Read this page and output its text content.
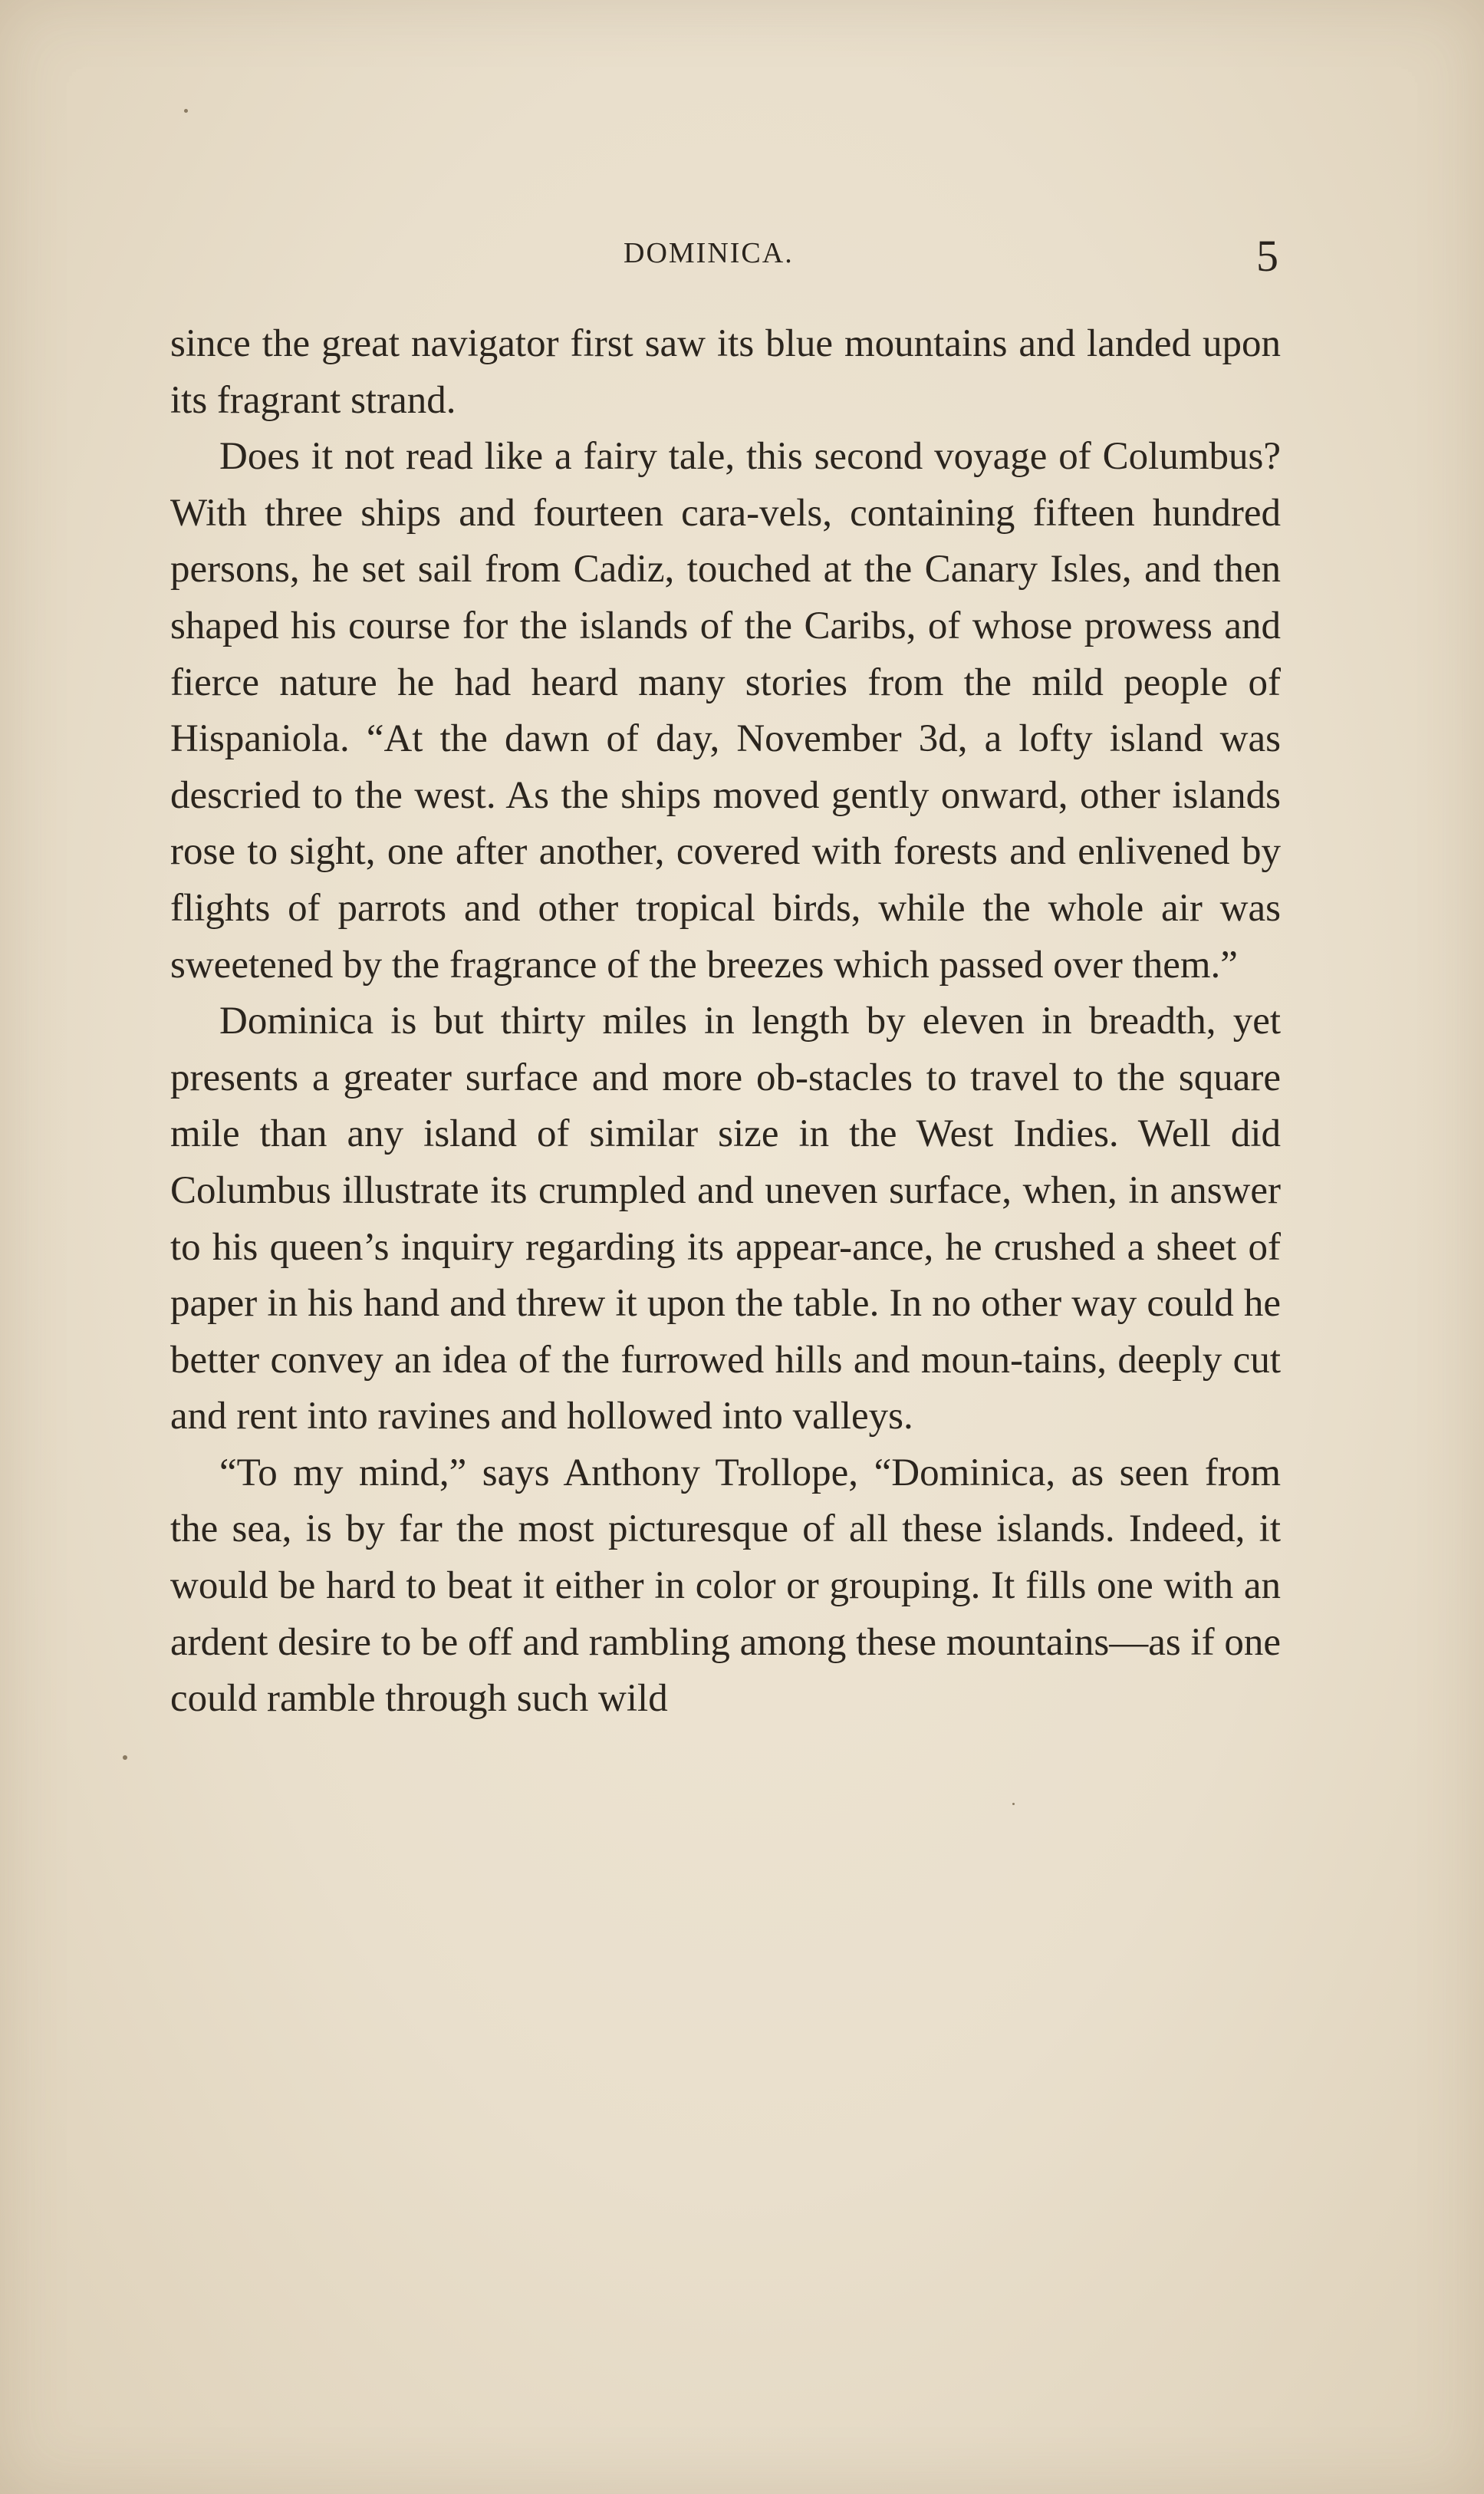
DOMINICA.	5

since the great navigator first saw its blue mountains and landed upon its fragrant strand.

Does it not read like a fairy tale, this second voyage of Columbus? With three ships and fourteen cara-vels, containing fifteen hundred persons, he set sail from Cadiz, touched at the Canary Isles, and then shaped his course for the islands of the Caribs, of whose prowess and fierce nature he had heard many stories from the mild people of Hispaniola. “At the dawn of day, November 3d, a lofty island was descried to the west. As the ships moved gently onward, other islands rose to sight, one after another, covered with forests and enlivened by flights of parrots and other tropical birds, while the whole air was sweetened by the fragrance of the breezes which passed over them.”

Dominica is but thirty miles in length by eleven in breadth, yet presents a greater surface and more ob-stacles to travel to the square mile than any island of similar size in the West Indies. Well did Columbus illustrate its crumpled and uneven surface, when, in answer to his queen’s inquiry regarding its appear-ance, he crushed a sheet of paper in his hand and threw it upon the table. In no other way could he better convey an idea of the furrowed hills and moun-tains, deeply cut and rent into ravines and hollowed into valleys.

“To my mind,” says Anthony Trollope, “Dominica, as seen from the sea, is by far the most picturesque of all these islands. Indeed, it would be hard to beat it either in color or grouping. It fills one with an ardent desire to be off and rambling among these mountains—as if one could ramble through such wild
